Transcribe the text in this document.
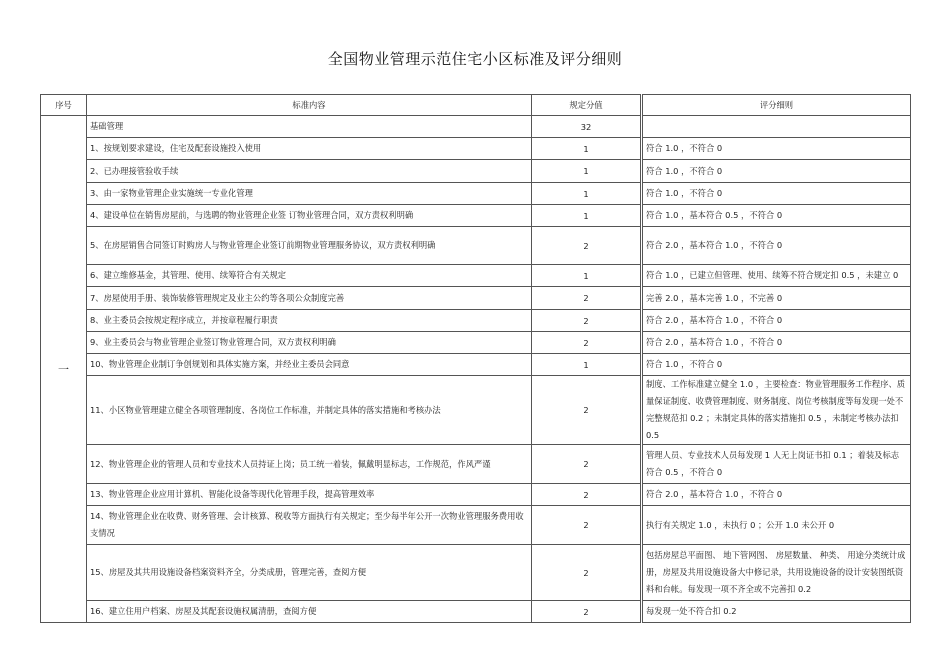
全国物业管理示范住宅小区标准及评分细则
序号	标准内容	规定分值	评分细则
一	基础管理	32	
	1、按规划要求建设，住宅及配套设施投入使用	1	符合 1.0 ，不符合 0
	2、已办理接管验收手续	1	符合 1.0 ，不符合 0
	3、由一家物业管理企业实施统一专业化管理	1	符合 1.0 ，不符合 0
	4、建设单位在销售房屋前，与选聘的物业管理企业签 订物业管理合同，双方责权利明确	1	符合 1.0 ，基本符合 0.5 ，不符合 0
	5、在房屋销售合同签订时购房人与物业管理企业签订前期物业管理服务协议，双方责权利明确	2	符合 2.0 ，基本符合 1.0 ，不符合 0
	6、建立维修基金，其管理、使用、续筹符合有关规定	1	符合 1.0 ，已建立但管理、使用、续筹不符合规定扣 0.5 ，未建立 0
	7、房屋使用手册、装饰装修管理规定及业主公约等各项公众制度完善	2	完善 2.0 ，基本完善 1.0 ，不完善 0
	8、业主委员会按规定程序成立，并按章程履行职责	2	符合 2.0 ，基本符合 1.0 ，不符合 0
	9、业主委员会与物业管理企业签订物业管理合同，双方责权利明确	2	符合 2.0 ，基本符合 1.0 ，不符合 0
	10、物业管理企业制订争创规划和具体实施方案，并经业主委员会同意	1	符合 1.0 ，不符合 0
	11、小区物业管理建立健全各项管理制度、各岗位工作标准，并制定具体的落实措施和考核办法	2	制度、工作标准建立健全 1.0 ，主要检查：物业管理服务工作程序、质量保证制度、收费管理制度、财务制度、岗位考核制度等每发现一处不完整规范扣 0.2 ；未制定具体的落实措施扣 0.5 ，未制定考核办法扣 0.5
	12、物业管理企业的管理人员和专业技术人员持证上岗；员工统一着装，佩戴明显标志，工作规范，作风严谨	2	管理人员、专业技术人员每发现 1 人无上岗证书扣 0.1 ；着装及标志符合 0.5 ，不符合 0
	13、物业管理企业应用计算机、智能化设备等现代化管理手段，提高管理效率	2	符合 2.0 ，基本符合 1.0 ，不符合 0
	14、物业管理企业在收费、财务管理、会计核算、税收等方面执行有关规定；至少每半年公开一次物业管理服务费用收支情况	2	执行有关规定 1.0 ，未执行 0 ；公开 1.0 未公开 0
	15、房屋及其共用设施设备档案资料齐全，分类成册，管理完善，查阅方便	2	包括房屋总平面图、 地下管网图、 房屋数量、 种类、 用途分类统计成册，房屋及共用设施设备大中修记录，共用设施设备的设计安装图纸资料和台帐。每发现一项不齐全或不完善扣 0.2
	16、建立住用户档案、房屋及其配套设施权属清册，查阅方便	2	每发现一处不符合扣 0.2
